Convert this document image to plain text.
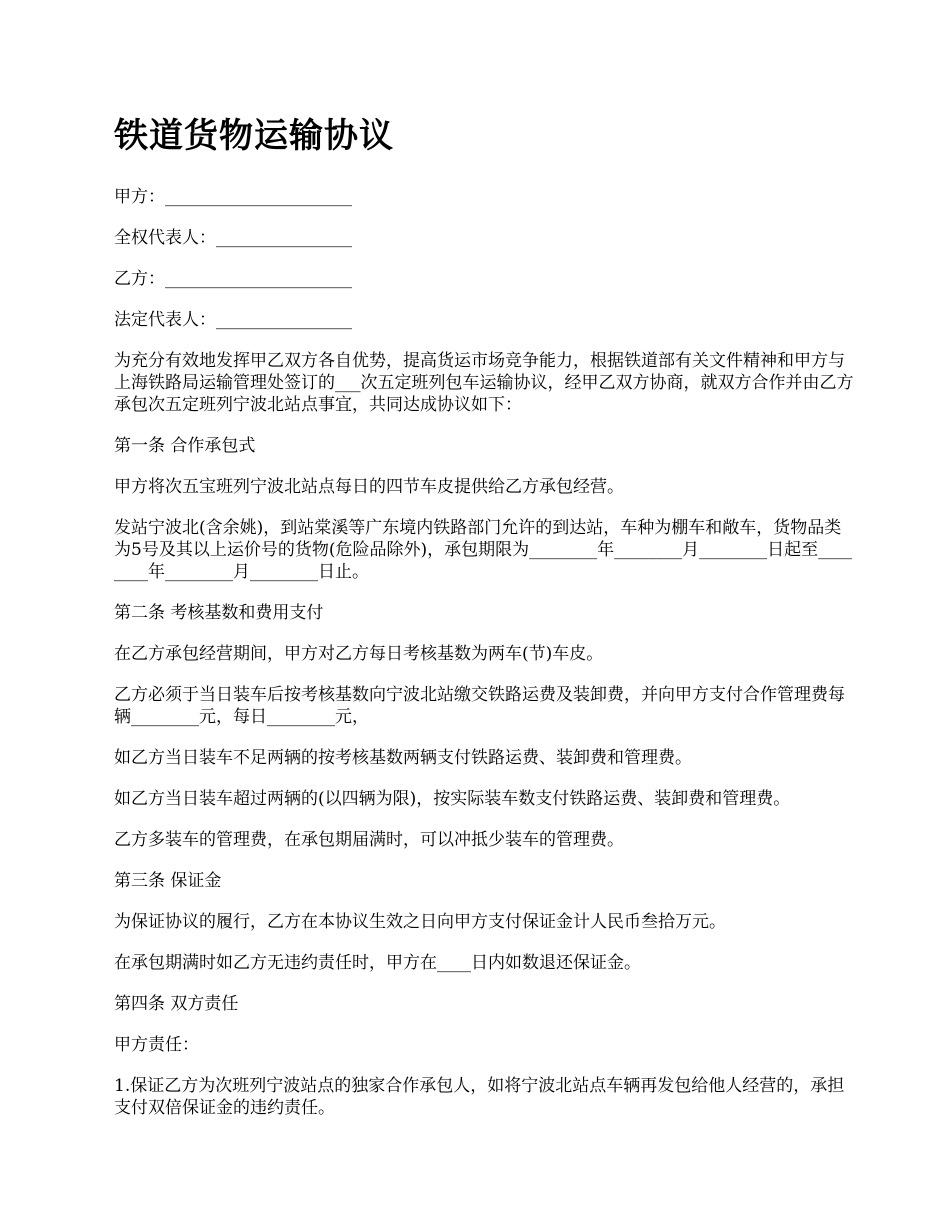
铁道货物运输协议

甲方：______________________

全权代表人：________________

乙方：______________________

法定代表人：________________

为充分有效地发挥甲乙双方各自优势，提高货运市场竞争能力，根据铁道部有关文件精神和甲方与上海铁路局运输管理处签订的___次五定班列包车运输协议，经甲乙双方协商，就双方合作并由乙方承包次五定班列宁波北站点事宜，共同达成协议如下：

第一条 合作承包式

甲方将次五宝班列宁波北站点每日的四节车皮提供给乙方承包经营。

发站宁波北(含余姚)，到站棠溪等广东境内铁路部门允许的到达站，车种为棚车和敞车，货物品类为5号及其以上运价号的货物(危险品除外)，承包期限为________年________月________日起至________年________月________日止。

第二条 考核基数和费用支付

在乙方承包经营期间，甲方对乙方每日考核基数为两车(节)车皮。

乙方必须于当日装车后按考核基数向宁波北站缴交铁路运费及装卸费，并向甲方支付合作管理费每辆________元，每日________元，

如乙方当日装车不足两辆的按考核基数两辆支付铁路运费、装卸费和管理费。

如乙方当日装车超过两辆的(以四辆为限)，按实际装车数支付铁路运费、装卸费和管理费。

乙方多装车的管理费，在承包期届满时，可以冲抵少装车的管理费。

第三条 保证金

为保证协议的履行，乙方在本协议生效之日向甲方支付保证金计人民币叁拾万元。

在承包期满时如乙方无违约责任时，甲方在____日内如数退还保证金。

第四条 双方责任

甲方责任：

1.保证乙方为次班列宁波站点的独家合作承包人，如将宁波北站点车辆再发包给他人经营的，承担支付双倍保证金的违约责任。
